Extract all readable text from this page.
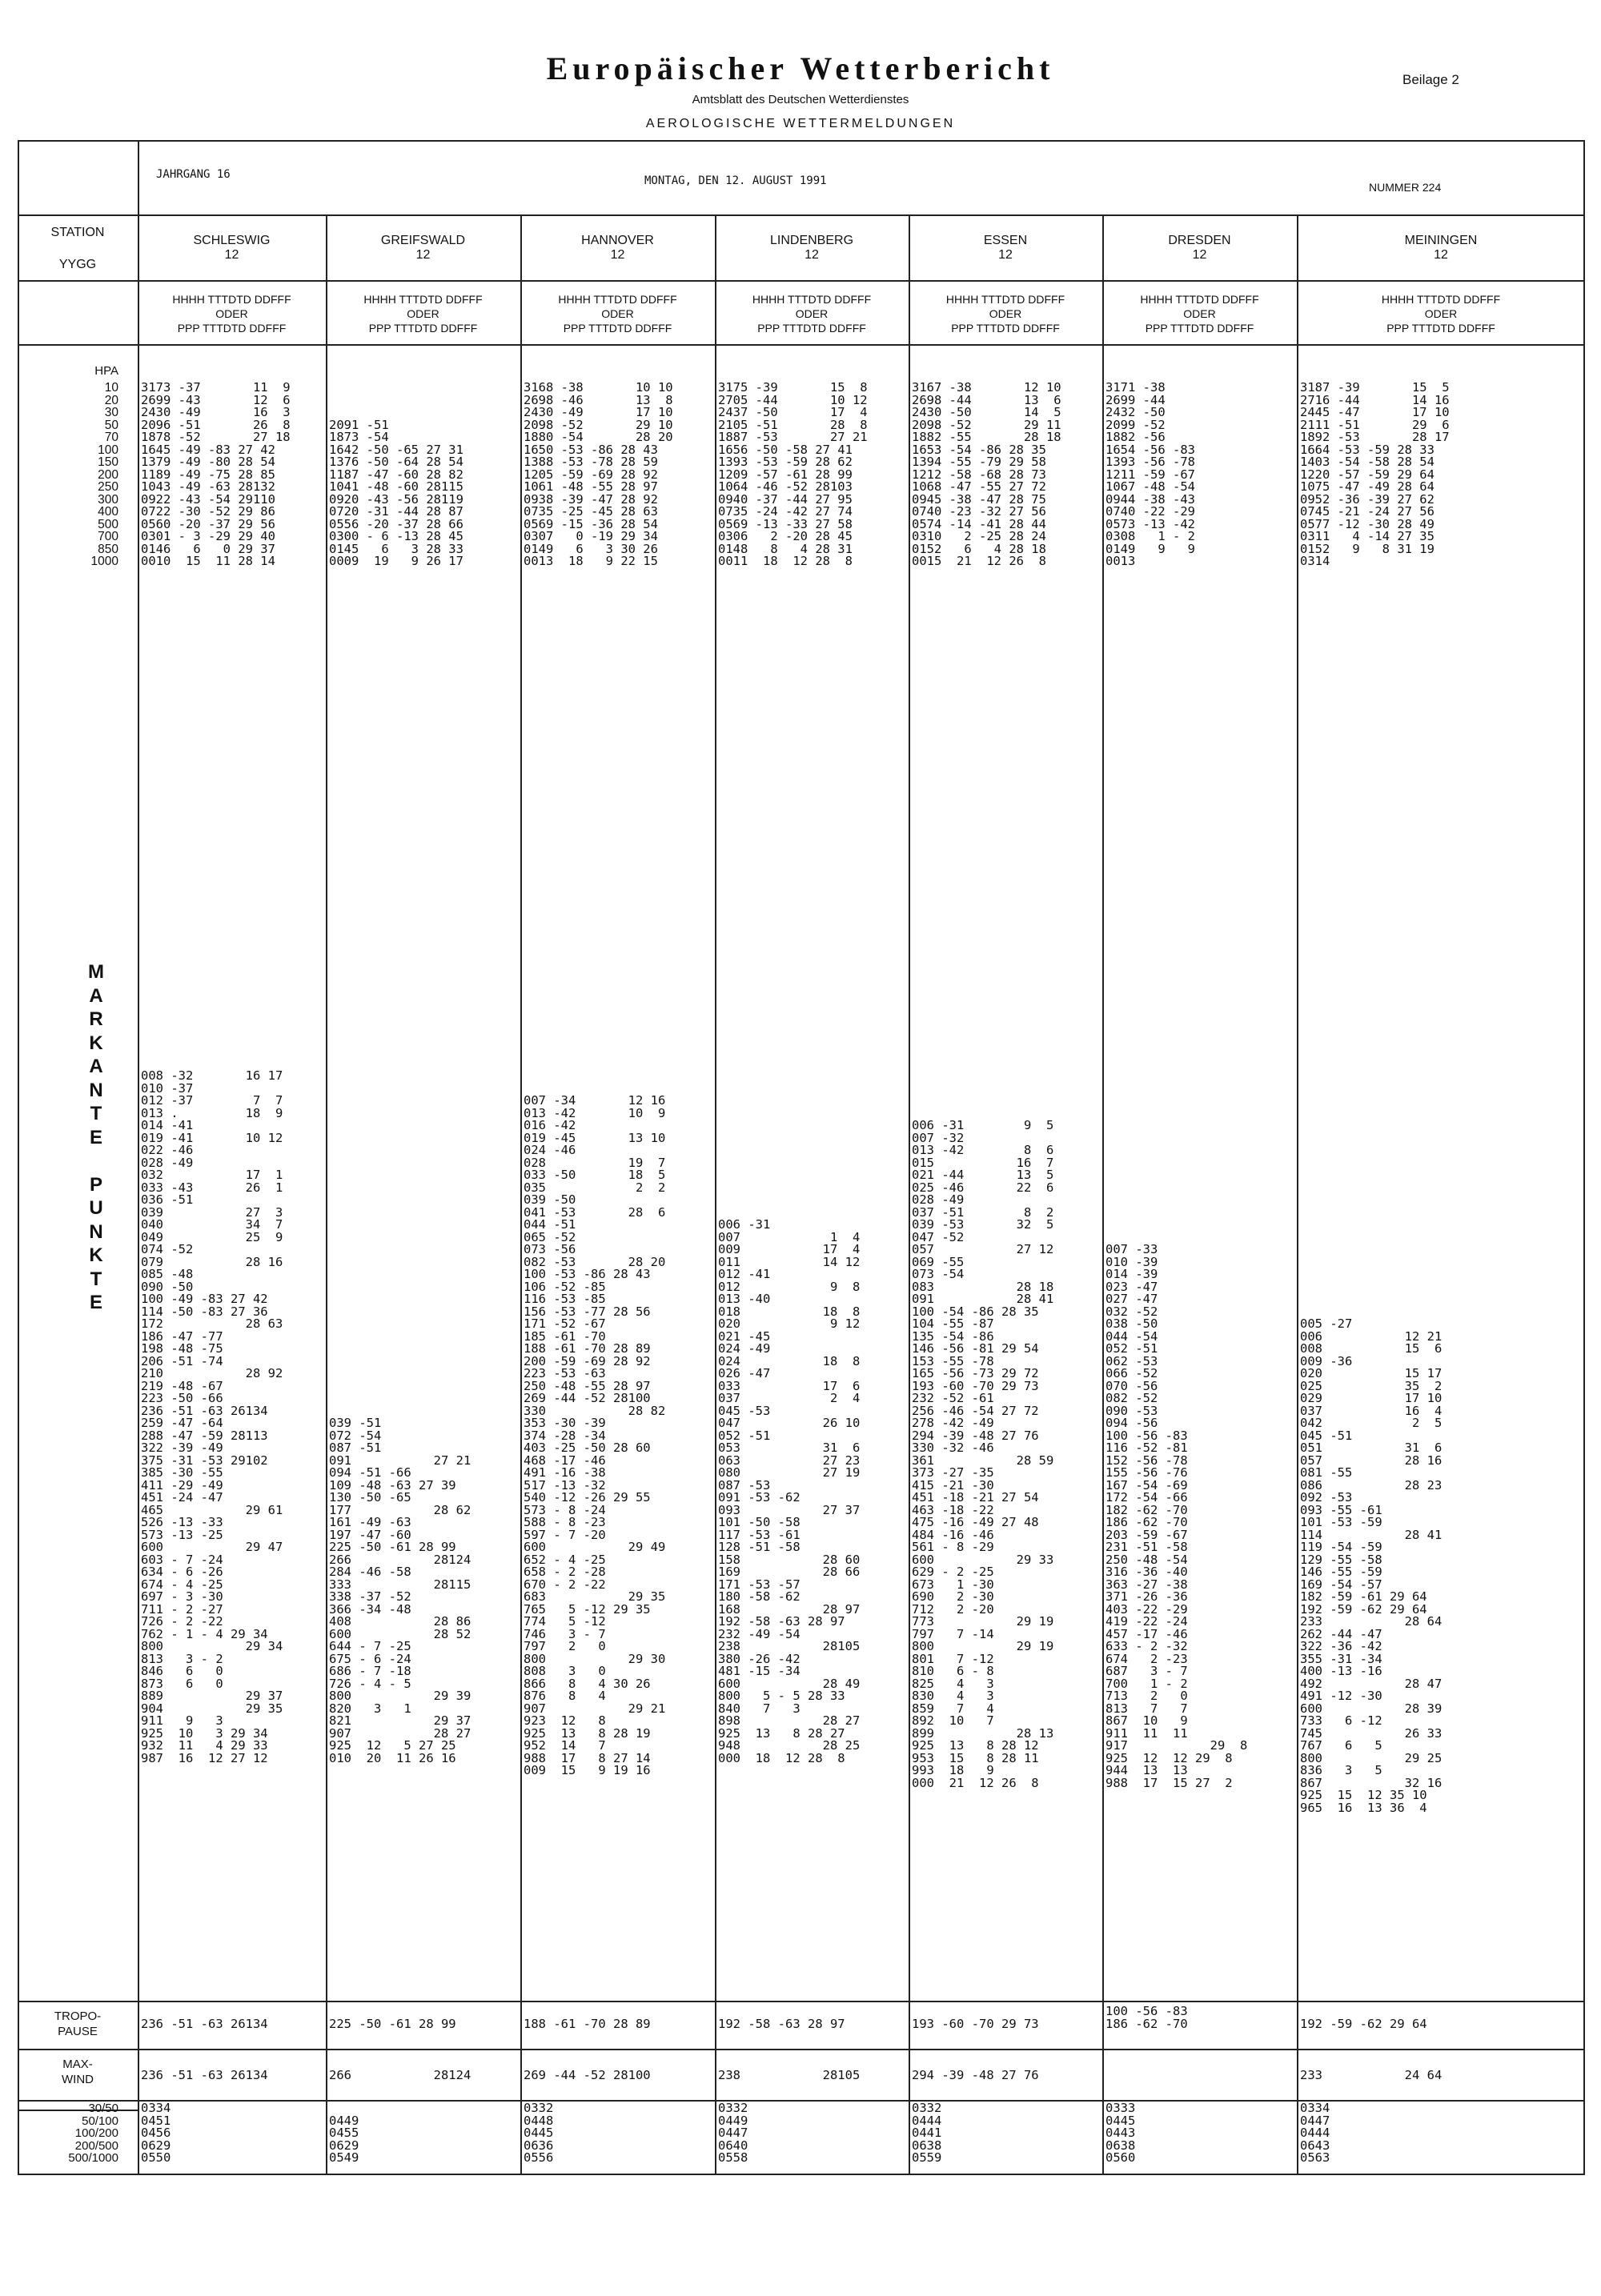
Europäischer Wetterbericht
Amtsblatt des Deutschen Wetterdienstes
AEROLOGISCHE WETTERMELDUNGEN
Beilage 2
JAHRGANG 16	MONTAG, DEN 12. AUGUST 1991	NUMMER 224
STATION
YYGG
HPA
10
20
30
50
70
100
150
200
250
300
400
500
700
850
1000
M
A
R
K
A
N
T
E

P
U
N
K
T
E
TROPO-
PAUSE
MAX-
WIND
30/50
50/100
100/200
200/500
500/1000
SCHLESWIG
12
HHHH TTTDTD DDFFF
ODER
PPP TTTDTD DDFFF
3173 -37       11  9
2699 -43       12  6
2430 -49       16  3
2096 -51       26  8
1878 -52       27 18
1645 -49 -83 27 42
1379 -49 -80 28 54
1189 -49 -75 28 85
1043 -49 -63 28132
0922 -43 -54 29110
0722 -30 -52 29 86
0560 -20 -37 29 56
0301 - 3 -29 29 40
0146   6   0 29 37
0010  15  11 28 14
008 -32       16 17
010 -37
012 -37        7  7
013 .         18  9
014 -41
019 -41       10 12
022 -46
028 -49
032           17  1
033 -43       26  1
036 -51
039           27  3
040           34  7
049           25  9
074 -52
079           28 16
085 -48
090 -50
100 -49 -83 27 42
114 -50 -83 27 36
172           28 63
186 -47 -77
198 -48 -75
206 -51 -74
210           28 92
219 -48 -67
223 -50 -66
236 -51 -63 26134
259 -47 -64
288 -47 -59 28113
322 -39 -49
375 -31 -53 29102
385 -30 -55
411 -29 -49
451 -24 -47
465           29 61
526 -13 -33
573 -13 -25
600           29 47
603 - 7 -24
634 - 6 -26
674 - 4 -25
697 - 3 -30
711 - 2 -27
726 - 2 -22
762 - 1 - 4 29 34
800           29 34
813   3 - 2
846   6   0
873   6   0
889           29 37
904           29 35
911   9   3
925  10   3 29 34
932  11   4 29 33
987  16  12 27 12
236 -51 -63 26134
236 -51 -63 26134
0334
0451
0456
0629
0550
GREIFSWALD
12
HHHH TTTDTD DDFFF
ODER
PPP TTTDTD DDFFF

2091 -51
1873 -54
1642 -50 -65 27 31
1376 -50 -64 28 54
1187 -47 -60 28 82
1041 -48 -60 28115
0920 -43 -56 28119
0720 -31 -44 28 87
0556 -20 -37 28 66
0300 - 6 -13 28 45
0145   6   3 28 33
0009  19   9 26 17

039 -51
072 -54
087 -51
091           27 21
094 -51 -66
109 -48 -63 27 39
130 -50 -65
177           28 62
161 -49 -63
197 -47 -60
225 -50 -61 28 99
266           28124
284 -46 -58
333           28115
338 -37 -52
366 -34 -48
408           28 86
600           28 52
644 - 7 -25
675 - 6 -24
686 - 7 -18
726 - 4 - 5
800           29 39
820   3   1
821           29 37
907           28 27
925  12   5 27 25
010  20  11 26 16
225 -50 -61 28 99
266           28124

0449
0455
0629
0549
HANNOVER
12
HHHH TTTDTD DDFFF
ODER
PPP TTTDTD DDFFF
3168 -38       10 10
2698 -46       13  8
2430 -49       17 10
2098 -52       29 10
1880 -54       28 20
1650 -53 -86 28 43
1388 -53 -78 28 59
1205 -59 -69 28 92
1061 -48 -55 28 97
0938 -39 -47 28 92
0735 -25 -45 28 63
0569 -15 -36 28 54
0307   0 -19 29 34
0149   6   3 30 26
0013  18   9 22 15

007 -34       12 16
013 -42       10  9
016 -42
019 -45       13 10
024 -46
028           19  7
033 -50       18  5
035            2  2
039 -50
041 -53       28  6
044 -51
065 -52
073 -56
082 -53       28 20
100 -53 -86 28 43
106 -52 -85
116 -53 -85
156 -53 -77 28 56
171 -52 -67
185 -61 -70
188 -61 -70 28 89
200 -59 -69 28 92
223 -53 -63
250 -48 -55 28 97
269 -44 -52 28100
330           28 82
353 -30 -39
374 -28 -34
403 -25 -50 28 60
468 -17 -46
491 -16 -38
517 -13 -32
540 -12 -26 29 55
573 - 8 -24
588 - 8 -23
597 - 7 -20
600           29 49
652 - 4 -25
658 - 2 -28
670 - 2 -22
683           29 35
765   5 -12 29 35
774   5 -12
746   3 - 7
797   2   0
800           29 30
808   3   0
866   8   4 30 26
876   8   4
907           29 21
923  12   8
925  13   8 28 19
952  14   7
988  17   8 27 14
009  15   9 19 16
188 -61 -70 28 89
269 -44 -52 28100
0332
0448
0445
0636
0556
LINDENBERG
12
HHHH TTTDTD DDFFF
ODER
PPP TTTDTD DDFFF
3175 -39       15  8
2705 -44       10 12
2437 -50       17  4
2105 -51       28  8
1887 -53       27 21
1656 -50 -58 27 41
1393 -53 -59 28 62
1209 -57 -61 28 99
1064 -46 -52 28103
0940 -37 -44 27 95
0735 -24 -42 27 74
0569 -13 -33 27 58
0306   2 -20 28 45
0148   8   4 28 31
0011  18  12 28  8

006 -31
007            1  4
009           17  4
011           14 12
012 -41
012            9  8
013 -40
018           18  8
020            9 12
021 -45
024 -49
024           18  8
026 -47
033           17  6
037            2  4
045 -53
047           26 10
052 -51
053           31  6
063           27 23
080           27 19
087 -53
091 -53 -62
093           27 37
101 -50 -58
117 -53 -61
128 -51 -58
158           28 60
169           28 66
171 -53 -57
180 -58 -62
168           28 97
192 -58 -63 28 97
232 -49 -54
238           28105
380 -26 -42
481 -15 -34
600           28 49
800   5 - 5 28 33
840   7   3
898           28 27
925  13   8 28 27
948           28 25
000  18  12 28  8
192 -58 -63 28 97
238           28105
0332
0449
0447
0640
0558
ESSEN
12
HHHH TTTDTD DDFFF
ODER
PPP TTTDTD DDFFF
3167 -38       12 10
2698 -44       13  6
2430 -50       14  5
2098 -52       29 11
1882 -55       28 18
1653 -54 -86 28 35
1394 -55 -79 29 58
1212 -58 -68 28 73
1068 -47 -55 27 72
0945 -38 -47 28 75
0740 -23 -32 27 56
0574 -14 -41 28 44
0310   2 -25 28 24
0152   6   4 28 18
0015  21  12 26  8

006 -31        9  5
007 -32
013 -42        8  6
015           16  7
021 -44       13  5
025 -46       22  6
028 -49
037 -51        8  2
039 -53       32  5
047 -52
057           27 12
069 -55
073 -54
083           28 18
091           28 41
100 -54 -86 28 35
104 -55 -87
135 -54 -86
146 -56 -81 29 54
153 -55 -78
165 -56 -73 29 72
193 -60 -70 29 73
232 -52 -61
256 -46 -54 27 72
278 -42 -49
294 -39 -48 27 76
330 -32 -46
361           28 59
373 -27 -35
415 -21 -30
451 -18 -21 27 54
463 -18 -22
475 -16 -49 27 48
484 -16 -46
561 - 8 -29
600           29 33
629 - 2 -25
673   1 -30
690   2 -30
712   2 -20
773           29 19
797   7 -14
800           29 19
801   7 -12
810   6 - 8
825   4   3
830   4   3
859   7   4
892  10   7
899           28 13
925  13   8 28 12
953  15   8 28 11
993  18   9
000  21  12 26  8
193 -60 -70 29 73
294 -39 -48 27 76
0332
0444
0441
0638
0559
DRESDEN
12
HHHH TTTDTD DDFFF
ODER
PPP TTTDTD DDFFF
3171 -38
2699 -44
2432 -50
2099 -52
1882 -56
1654 -56 -83
1393 -56 -78
1211 -59 -67
1067 -48 -54
0944 -38 -43
0740 -22 -29
0573 -13 -42
0308   1 - 2
0149   9   9
0013

007 -33
010 -39
014 -39
023 -47
027 -47
032 -52
038 -50
044 -54
052 -51
062 -53
066 -52
070 -56
082 -52
090 -53
094 -56
100 -56 -83
116 -52 -81
152 -56 -78
155 -56 -76
167 -54 -69
172 -54 -66
182 -62 -70
186 -62 -70
203 -59 -67
231 -51 -58
250 -48 -54
316 -36 -40
363 -27 -38
371 -26 -36
403 -22 -29
419 -22 -24
457 -17 -46
633 - 2 -32
674   2 -23
687   3 - 7
700   1 - 2
713   2   0
813   7   7
867  10   9
911  11  11
917           29  8
925  12  12 29  8
944  13  13
988  17  15 27  2
100 -56 -83
186 -62 -70
0333
0445
0443
0638
0560
MEININGEN
12
HHHH TTTDTD DDFFF
ODER
PPP TTTDTD DDFFF
3187 -39       15  5
2716 -44       14 16
2445 -47       17 10
2111 -51       29  6
1892 -53       28 17
1664 -53 -59 28 33
1403 -54 -58 28 54
1220 -57 -59 29 64
1075 -47 -49 28 64
0952 -36 -39 27 62
0745 -21 -24 27 56
0577 -12 -30 28 49
0311   4 -14 27 35
0152   9   8 31 19
0314

005 -27
006           12 21
008           15  6
009 -36
020           15 17
025           35  2
029           17 10
037           16  4
042            2  5
045 -51
051           31  6
057           28 16
081 -55
086           28 23
092 -53
093 -55 -61
101 -53 -59
114           28 41
119 -54 -59
129 -55 -58
146 -55 -59
169 -54 -57
182 -59 -61 29 64
192 -59 -62 29 64
233           28 64
262 -44 -47
322 -36 -42
355 -31 -34
400 -13 -16
492           28 47
491 -12 -30
600           28 39
733   6 -12
745           26 33
767   6   5
800           29 25
836   3   5
867           32 16
925  15  12 35 10
965  16  13 36  4
192 -59 -62 29 64
233           24 64
0334
0447
0444
0643
0563
